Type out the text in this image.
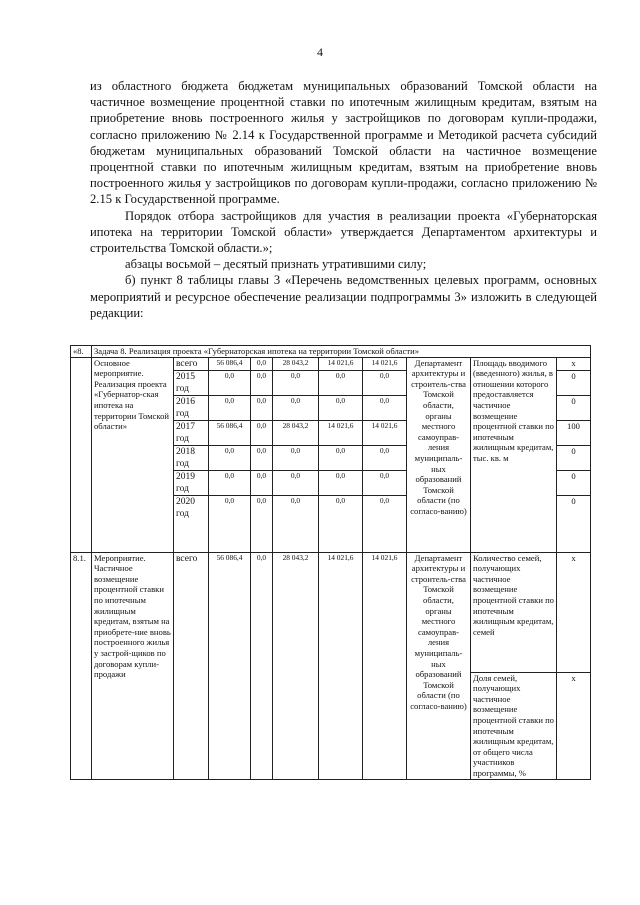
4

из областного бюджета бюджетам муниципальных образований Томской области на частичное возмещение процентной ставки по ипотечным жилищным кредитам, взятым на приобретение вновь построенного жилья у застройщиков по договорам купли-продажи, согласно приложению № 2.14 к Государственной программе и Методикой расчета субсидий бюджетам муниципальных образований Томской области на частичное возмещение процентной ставки по ипотечным жилищным кредитам, взятым на приобретение вновь построенного жилья у застройщиков по договорам купли-продажи, согласно приложению № 2.15 к Государственной программе.

Порядок отбора застройщиков для участия в реализации проекта «Губернаторская ипотека на территории Томской области» утверждается Департаментом архитектуры и строительства Томской области.»;

абзацы восьмой – десятый признать утратившими силу;

б) пункт 8 таблицы главы 3 «Перечень ведомственных целевых программ, основных мероприятий и ресурсное обеспечение реализации подпрограммы 3» изложить в следующей редакции:

«8.	Задача 8. Реализация проекта «Губернаторская ипотека на территории Томской области»									
	Основное мероприятие. Реализация проекта «Губернатор-ская ипотека на территории Томской области»	всего	56 086,4	0,0	28 043,2	14 021,6	14 021,6	Департамент архитектуры и строитель-ства Томской области, органы местного самоуправ-ления муниципаль-ных образований Томской области (по согласо-ванию)	Площадь вводимого (введенного) жилья, в отношении которого предоставляется частичное возмещение процентной ставки по ипотечным жилищным кредитам, тыс. кв. м	х
		2015 год	0,0	0,0	0,0	0,0	0,0			0
		2016 год	0,0	0,0	0,0	0,0	0,0			0
		2017 год	56 086,4	0,0	28 043,2	14 021,6	14 021,6			100
		2018 год	0,0	0,0	0,0	0,0	0,0			0
		2019 год	0,0	0,0	0,0	0,0	0,0			0
		2020 год	0,0	0,0	0,0	0,0	0,0			0
8.1.	Мероприятие. Частичное возмещение процентной ставки по ипотечным жилищным кредитам, взятым на приобрете-ние вновь построенного жилья у застрой-щиков по договорам купли-продажи	всего	56 086,4	0,0	28 043,2	14 021,6	14 021,6	Департамент архитектуры и строитель-ства Томской области, органы местного самоуправ-ления муниципаль-ных образований Томской области (по согласо-ванию)	Количество семей, получающих частичное возмещение процентной ставки по ипотечным жилищным кредитам, семей	х
									Доля семей, получающих частичное возмещение процентной ставки по ипотечным жилищным кредитам, от общего числа участников программы, %	х
